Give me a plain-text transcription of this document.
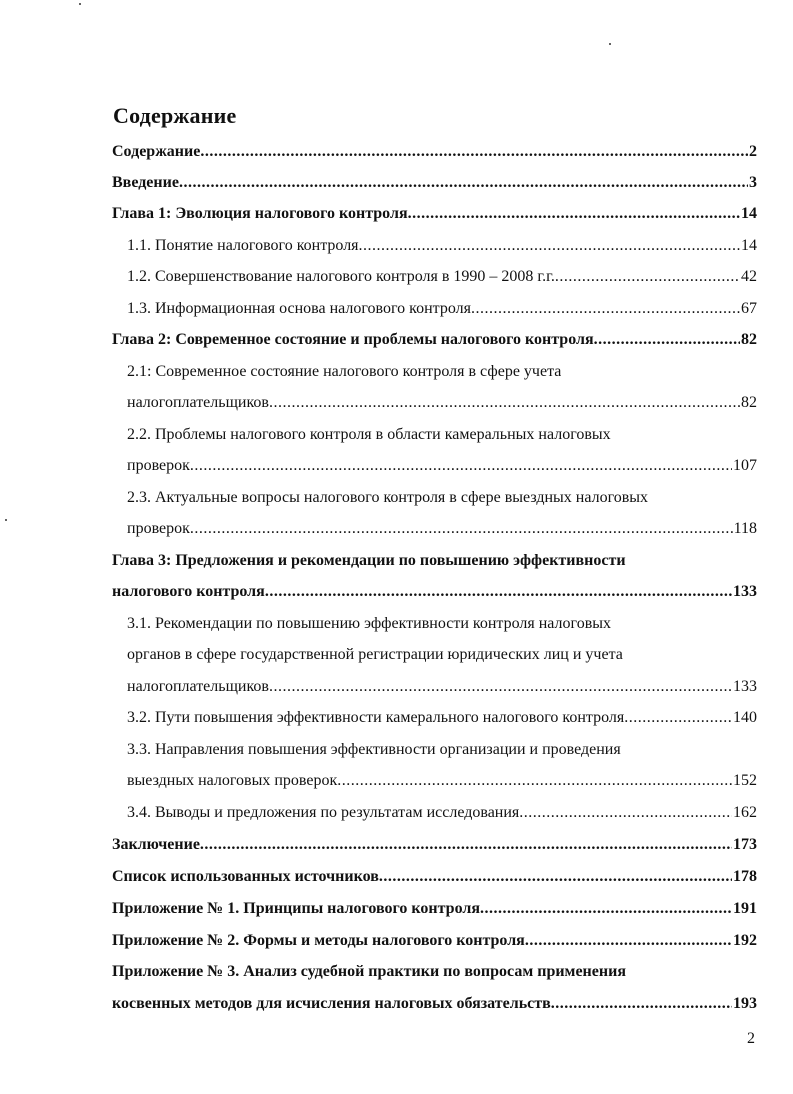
Содержание
Содержание .....	2
Введение .....	3
Глава 1: Эволюция налогового контроля .....	14
1.1. Понятие налогового контроля .....	14
1.2. Совершенствование налогового контроля в 1990 – 2008 г.г. .....	42
1.3. Информационная основа налогового контроля .....	67
Глава 2: Современное состояние и проблемы налогового контроля .....	82
2.1: Современное состояние налогового контроля в сфере учета
налогоплательщиков .....	82
2.2. Проблемы налогового контроля в области камеральных налоговых
проверок .....	107
2.3. Актуальные вопросы налогового контроля в сфере выездных налоговых
проверок .....	118
Глава 3: Предложения и рекомендации по повышению эффективности
налогового контроля .....	133
3.1. Рекомендации по повышению эффективности контроля налоговых
органов в сфере государственной регистрации юридических лиц и учета
налогоплательщиков .....	133
3.2. Пути повышения эффективности камерального налогового контроля .....	140
3.3. Направления повышения эффективности организации и проведения
выездных налоговых проверок .....	152
3.4. Выводы и предложения по результатам исследования .....	162
Заключение .....	173
Список использованных источников .....	178
Приложение № 1. Принципы налогового контроля .....	191
Приложение № 2. Формы и методы налогового контроля .....	192
Приложение № 3. Анализ судебной практики по вопросам применения
косвенных методов для исчисления налоговых обязательств .....	193
2
